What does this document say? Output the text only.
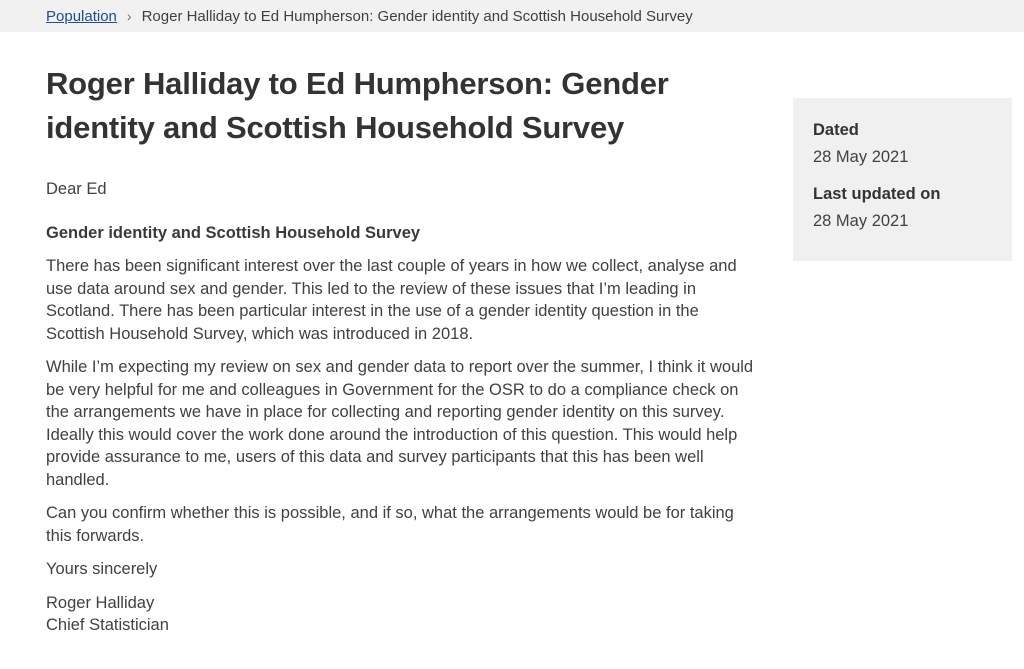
Population › Roger Halliday to Ed Humpherson: Gender identity and Scottish Household Survey
Dated
28 May 2021
Last updated on
28 May 2021
Roger Halliday to Ed Humpherson: Gender identity and Scottish Household Survey

Dear Ed

Gender identity and Scottish Household Survey

There has been significant interest over the last couple of years in how we collect, analyse and use data around sex and gender. This led to the review of these issues that I’m leading in Scotland. There has been particular interest in the use of a gender identity question in the Scottish Household Survey, which was introduced in 2018.

While I’m expecting my review on sex and gender data to report over the summer, I think it would be very helpful for me and colleagues in Government for the OSR to do a compliance check on the arrangements we have in place for collecting and reporting gender identity on this survey. Ideally this would cover the work done around the introduction of this question. This would help provide assurance to me, users of this data and survey participants that this has been well handled.

Can you confirm whether this is possible, and if so, what the arrangements would be for taking this forwards.

Yours sincerely

Roger Halliday
Chief Statistician
